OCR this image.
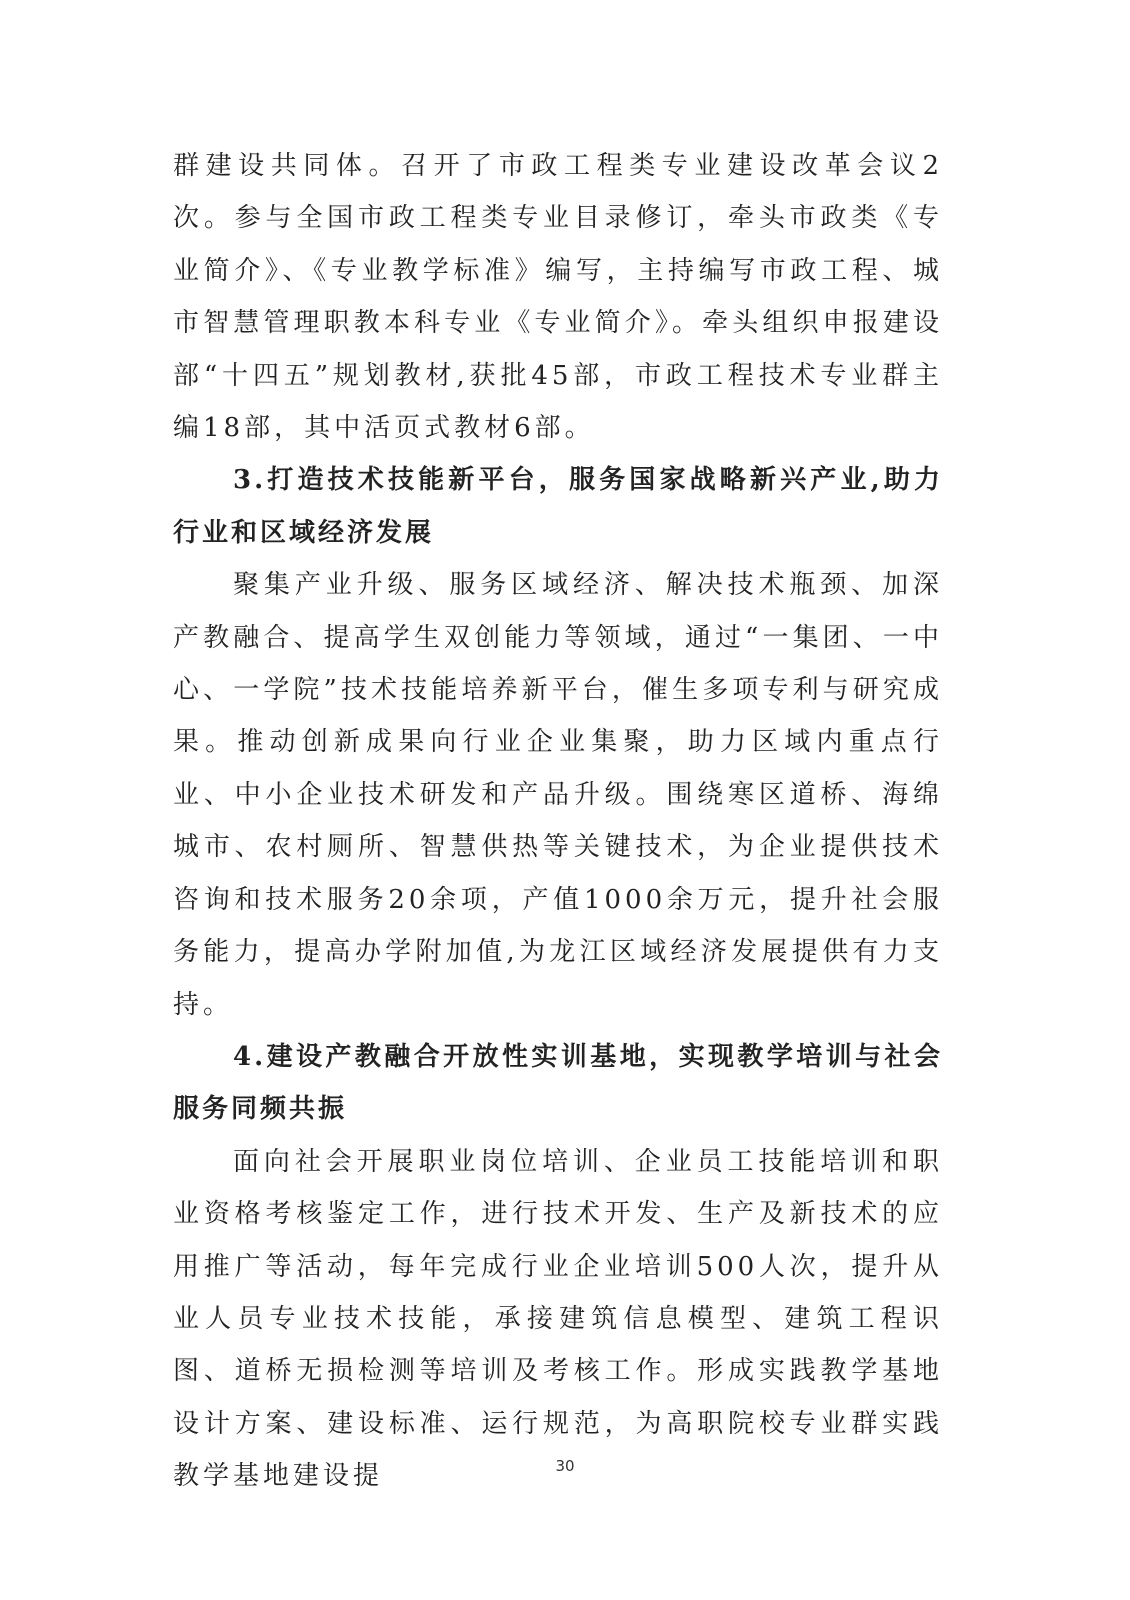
群建设共同体。召开了市政工程类专业建设改革会议2次。参与全国市政工程类专业目录修订，牵头市政类《专业简介》、《专业教学标准》编写，主持编写市政工程、城市智慧管理职教本科专业《专业简介》。牵头组织申报建设部“十四五”规划教材,获批45部，市政工程技术专业群主编18部，其中活页式教材6部。

3.打造技术技能新平台，服务国家战略新兴产业,助力行业和区域经济发展

聚集产业升级、服务区域经济、解决技术瓶颈、加深产教融合、提高学生双创能力等领域，通过“一集团、一中心、一学院”技术技能培养新平台，催生多项专利与研究成果。推动创新成果向行业企业集聚，助力区域内重点行业、中小企业技术研发和产品升级。围绕寒区道桥、海绵城市、农村厕所、智慧供热等关键技术，为企业提供技术咨询和技术服务20余项，产值1000余万元，提升社会服务能力，提高办学附加值,为龙江区域经济发展提供有力支持。

4.建设产教融合开放性实训基地，实现教学培训与社会服务同频共振

面向社会开展职业岗位培训、企业员工技能培训和职业资格考核鉴定工作，进行技术开发、生产及新技术的应用推广等活动，每年完成行业企业培训500人次，提升从业人员专业技术技能，承接建筑信息模型、建筑工程识图、道桥无损检测等培训及考核工作。形成实践教学基地设计方案、建设标准、运行规范，为高职院校专业群实践教学基地建设提	30
